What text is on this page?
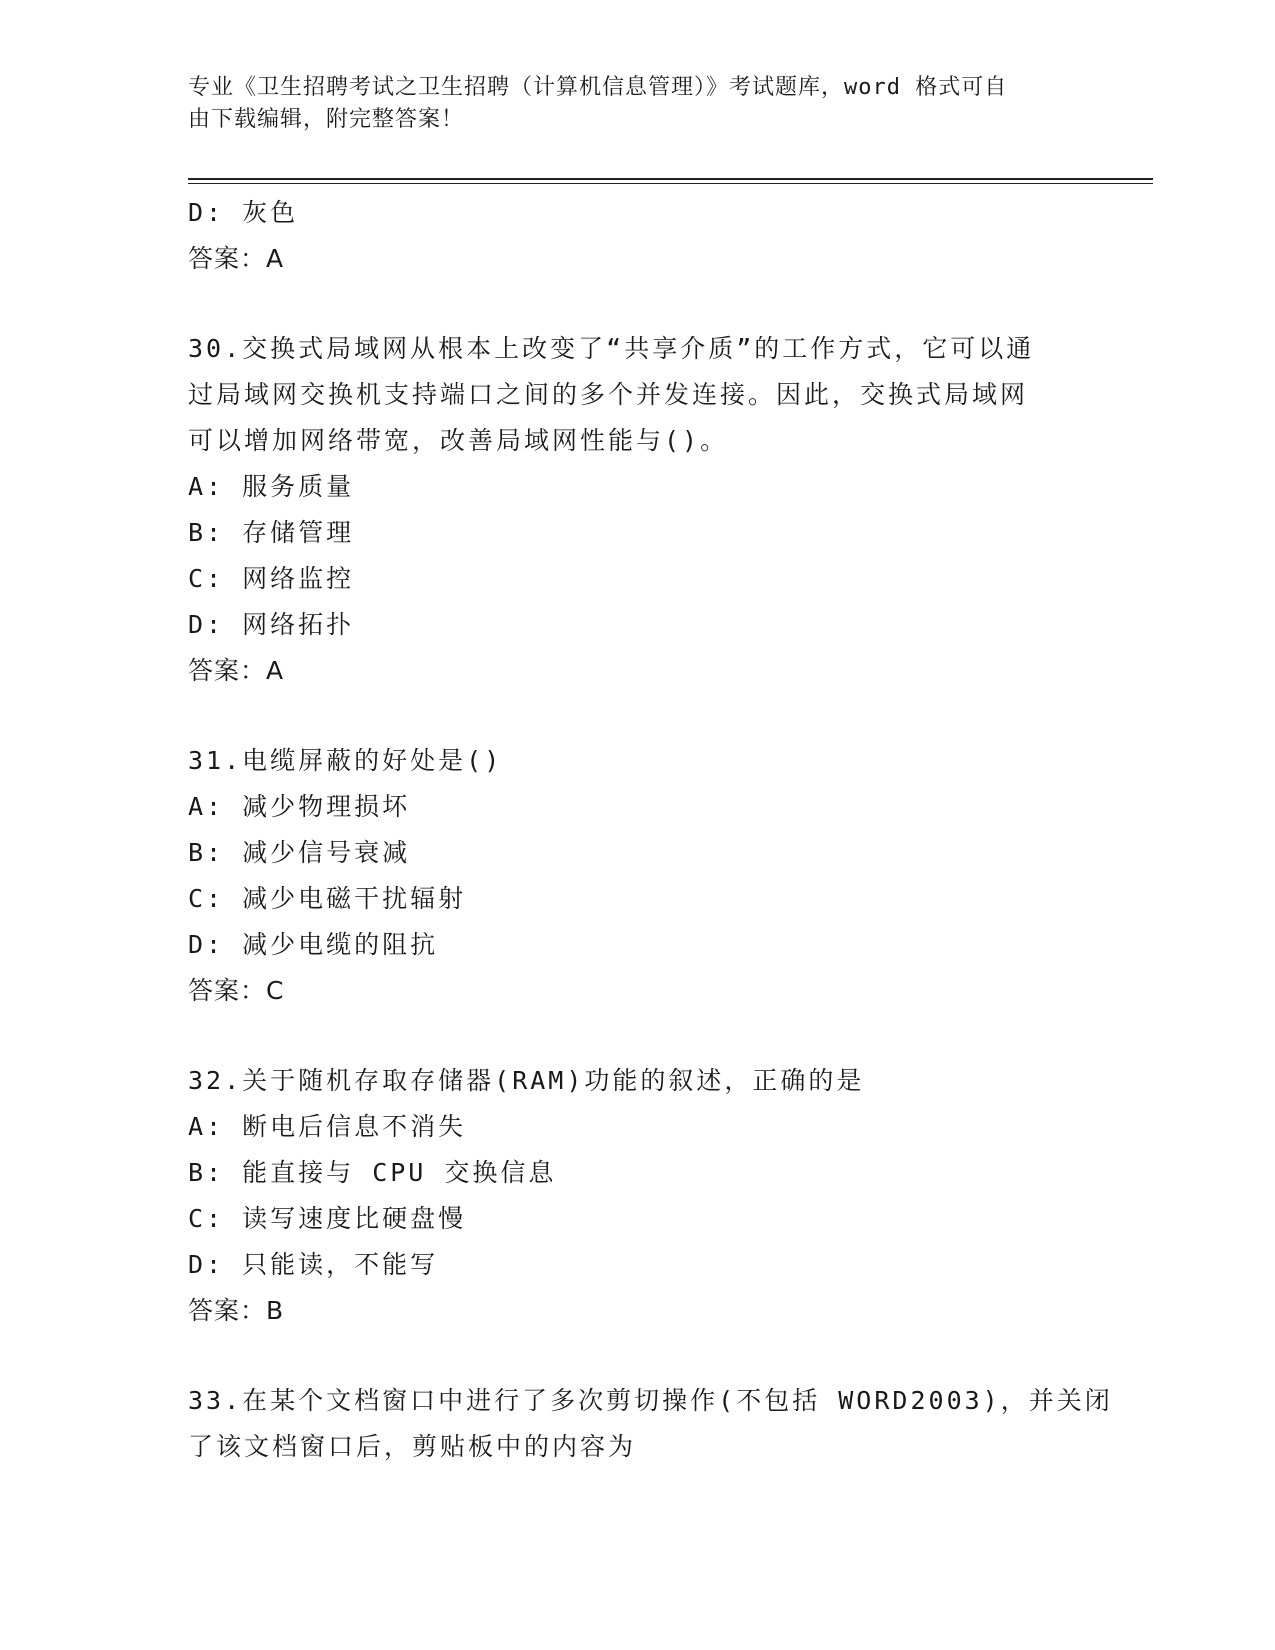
专业《卫生招聘考试之卫生招聘（计算机信息管理）》考试题库，word 格式可自
由下载编辑，附完整答案！
D: 灰色
答案：A
30.交换式局域网从根本上改变了“共享介质”的工作方式，它可以通
过局域网交换机支持端口之间的多个并发连接。因此，交换式局域网
可以增加网络带宽，改善局域网性能与()。
A: 服务质量
B: 存储管理
C: 网络监控
D: 网络拓扑
答案：A
31.电缆屏蔽的好处是()
A: 减少物理损坏
B: 减少信号衰减
C: 减少电磁干扰辐射
D: 减少电缆的阻抗
答案：C
32.关于随机存取存储器(RAM)功能的叙述，正确的是
A: 断电后信息不消失
B: 能直接与 CPU 交换信息
C: 读写速度比硬盘慢
D: 只能读，不能写
答案：B
33.在某个文档窗口中进行了多次剪切操作(不包括 WORD2003)，并关闭
了该文档窗口后，剪贴板中的内容为
